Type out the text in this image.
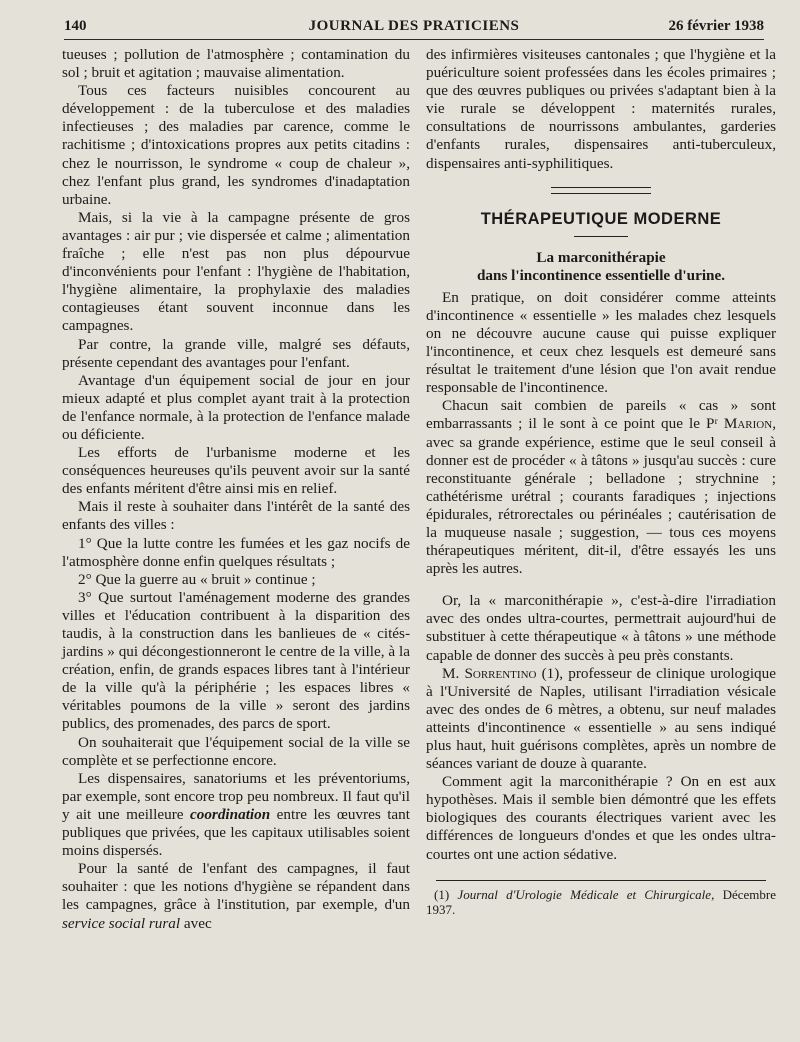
140	JOURNAL DES PRATICIENS	26 février 1938

tueuses ; pollution de l'atmosphère ; contamination du sol ; bruit et agitation ; mauvaise alimentation.

Tous ces facteurs nuisibles concourent au développement : de la tuberculose et des maladies infectieuses ; des maladies par carence, comme le rachitisme ; d'intoxications propres aux petits citadins : chez le nourrisson, le syndrome « coup de chaleur », chez l'enfant plus grand, les syndromes d'inadaptation urbaine.

Mais, si la vie à la campagne présente de gros avantages : air pur ; vie dispersée et calme ; alimentation fraîche ; elle n'est pas non plus dépourvue d'inconvénients pour l'enfant : l'hygiène de l'habitation, l'hygiène alimentaire, la prophylaxie des maladies contagieuses étant souvent inconnue dans les campagnes.

Par contre, la grande ville, malgré ses défauts, présente cependant des avantages pour l'enfant.

Avantage d'un équipement social de jour en jour mieux adapté et plus complet ayant trait à la protection de l'enfance normale, à la protection de l'enfance malade ou déficiente.

Les efforts de l'urbanisme moderne et les conséquences heureuses qu'ils peuvent avoir sur la santé des enfants méritent d'être ainsi mis en relief.

Mais il reste à souhaiter dans l'intérêt de la santé des enfants des villes :

1° Que la lutte contre les fumées et les gaz nocifs de l'atmosphère donne enfin quelques résultats ;

2° Que la guerre au « bruit » continue ;

3° Que surtout l'aménagement moderne des grandes villes et l'éducation contribuent à la disparition des taudis, à la construction dans les banlieues de « cités-jardins » qui décongestionneront le centre de la ville, à la création, enfin, de grands espaces libres tant à l'intérieur de la ville qu'à la périphérie ; les espaces libres « véritables poumons de la ville » seront des jardins publics, des promenades, des parcs de sport.

On souhaiterait que l'équipement social de la ville se complète et se perfectionne encore.

Les dispensaires, sanatoriums et les préventoriums, par exemple, sont encore trop peu nombreux. Il faut qu'il y ait une meilleure coordination entre les œuvres tant publiques que privées, que les capitaux utilisables soient moins dispersés.

Pour la santé de l'enfant des campagnes, il faut souhaiter : que les notions d'hygiène se répandent dans les campagnes, grâce à l'institution, par exemple, d'un service social rural avec

des infirmières visiteuses cantonales ; que l'hygiène et la puériculture soient professées dans les écoles primaires ; que des œuvres publiques ou privées s'adaptant bien à la vie rurale se développent : maternités rurales, consultations de nourrissons ambulantes, garderies d'enfants rurales, dispensaires anti-tuberculeux, dispensaires anti-syphilitiques.

THÉRAPEUTIQUE MODERNE
La marconithérapie
dans l'incontinence essentielle d'urine.

En pratique, on doit considérer comme atteints d'incontinence « essentielle » les malades chez lesquels on ne découvre aucune cause qui puisse expliquer l'incontinence, et ceux chez lesquels est demeuré sans résultat le traitement d'une lésion que l'on avait rendue responsable de l'incontinence.

Chacun sait combien de pareils « cas » sont embarrassants ; il le sont à ce point que le Pʳ Marion, avec sa grande expérience, estime que le seul conseil à donner est de procéder « à tâtons » jusqu'au succès : cure reconstituante générale ; belladone ; strychnine ; cathétérisme urétral ; courants faradiques ; injections épidurales, rétrorectales ou périnéales ; cautérisation de la muqueuse nasale ; suggestion, — tous ces moyens thérapeutiques méritent, dit-il, d'être essayés les uns après les autres.

Or, la « marconithérapie », c'est-à-dire l'irradiation avec des ondes ultra-courtes, permettrait aujourd'hui de substituer à cette thérapeutique « à tâtons » une méthode capable de donner des succès à peu près constants.

M. Sorrentino (1), professeur de clinique urologique à l'Université de Naples, utilisant l'irradiation vésicale avec des ondes de 6 mètres, a obtenu, sur neuf malades atteints d'incontinence « essentielle » au sens indiqué plus haut, huit guérisons complètes, après un nombre de séances variant de douze à quarante.

Comment agit la marconithérapie ? On en est aux hypothèses. Mais il semble bien démontré que les effets biologiques des courants électriques varient avec les différences de longueurs d'ondes et que les ondes ultra-courtes ont une action sédative.

(1) Journal d'Urologie Médicale et Chirurgicale, Décembre 1937.
